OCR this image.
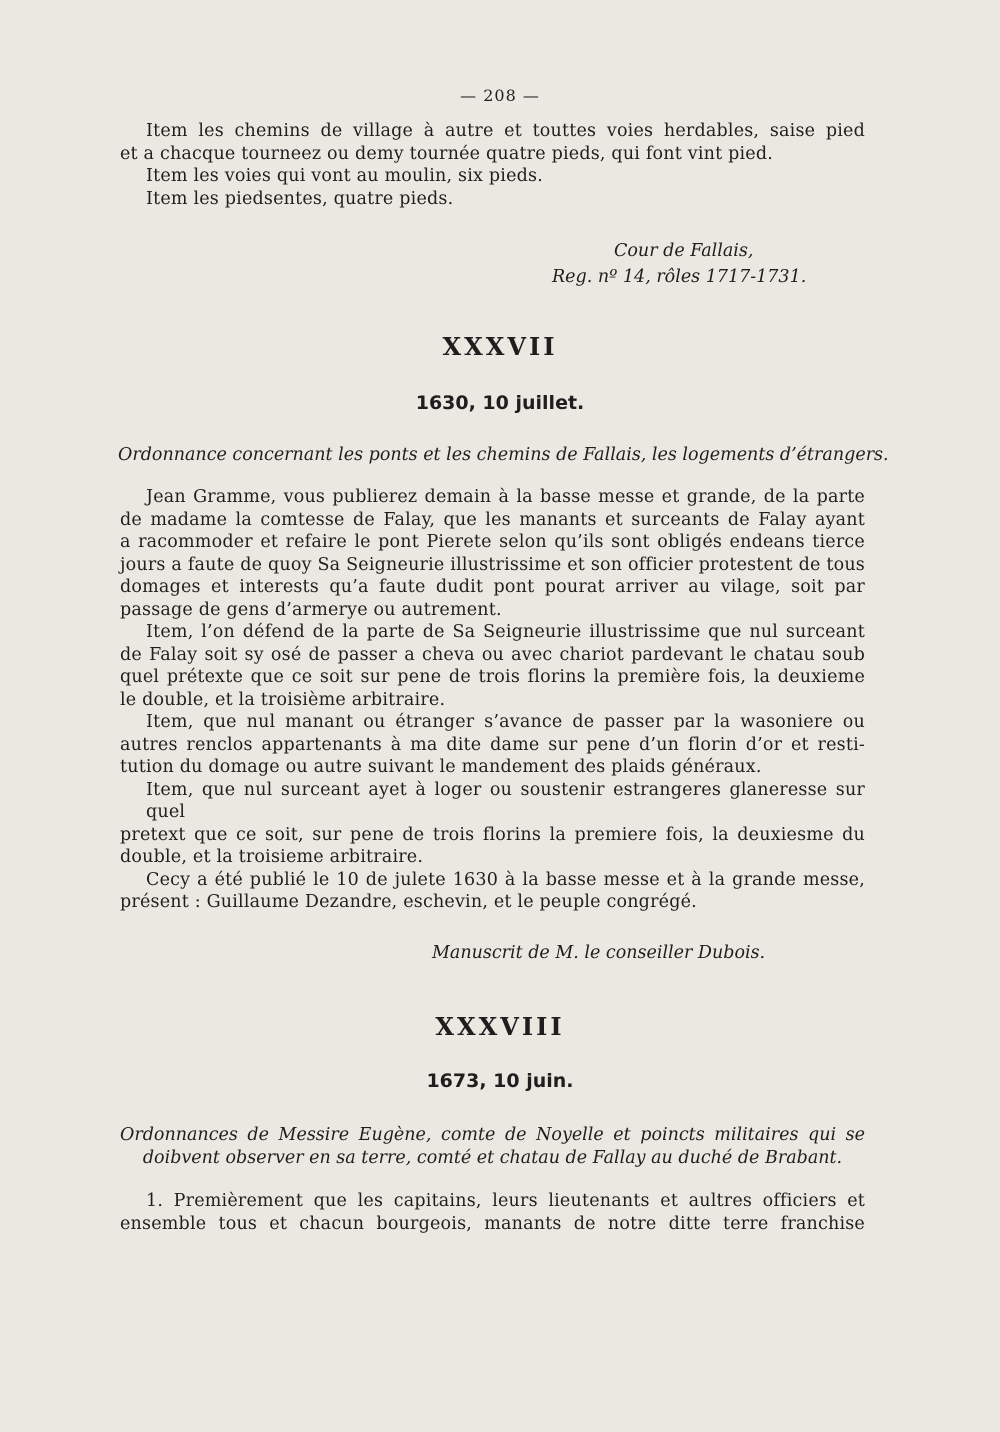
— 208 —
Item les chemins de village à autre et touttes voies herdables, saise pied
et a chacque tourneez ou demy tournée quatre pieds, qui font vint pied.
Item les voies qui vont au moulin, six pieds.
Item les piedsentes, quatre pieds.
Cour de Fallais,
Reg. nº 14, rôles 1717-1731.
XXXVII
1630, 10 juillet.
Ordonnance concernant les ponts et les chemins de Fallais, les logements d’étrangers.
Jean Gramme, vous publierez demain à la basse messe et grande, de la parte
de madame la comtesse de Falay, que les manants et surceants de Falay ayant
a racommoder et refaire le pont Pierete selon qu’ils sont obligés endeans tierce
jours a faute de quoy Sa Seigneurie illustrissime et son officier protestent de tous
domages et interests qu’a faute dudit pont pourat arriver au vilage, soit par
passage de gens d’armerye ou autrement.
Item, l’on défend de la parte de Sa Seigneurie illustrissime que nul surceant
de Falay soit sy osé de passer a cheva ou avec chariot pardevant le chatau soub
quel prétexte que ce soit sur pene de trois florins la première fois, la deuxieme
le double, et la troisième arbitraire.
Item, que nul manant ou étranger s’avance de passer par la wasoniere ou
autres renclos appartenants à ma dite dame sur pene d’un florin d’or et resti-
tution du domage ou autre suivant le mandement des plaids généraux.
Item, que nul surceant ayet à loger ou soustenir estrangeres glaneresse sur quel
pretext que ce soit, sur pene de trois florins la premiere fois, la deuxiesme du
double, et la troisieme arbitraire.
Cecy a été publié le 10 de julete 1630 à la basse messe et à la grande messe,
présent : Guillaume Dezandre, eschevin, et le peuple congrégé.
Manuscrit de M. le conseiller Dubois.
XXXVIII
1673, 10 juin.
Ordonnances de Messire Eugène, comte de Noyelle et poincts militaires qui se
doibvent observer en sa terre, comté et chatau de Fallay au duché de Brabant.
1. Premièrement que les capitains, leurs lieutenants et aultres officiers et
ensemble tous et chacun bourgeois, manants de notre ditte terre franchise
